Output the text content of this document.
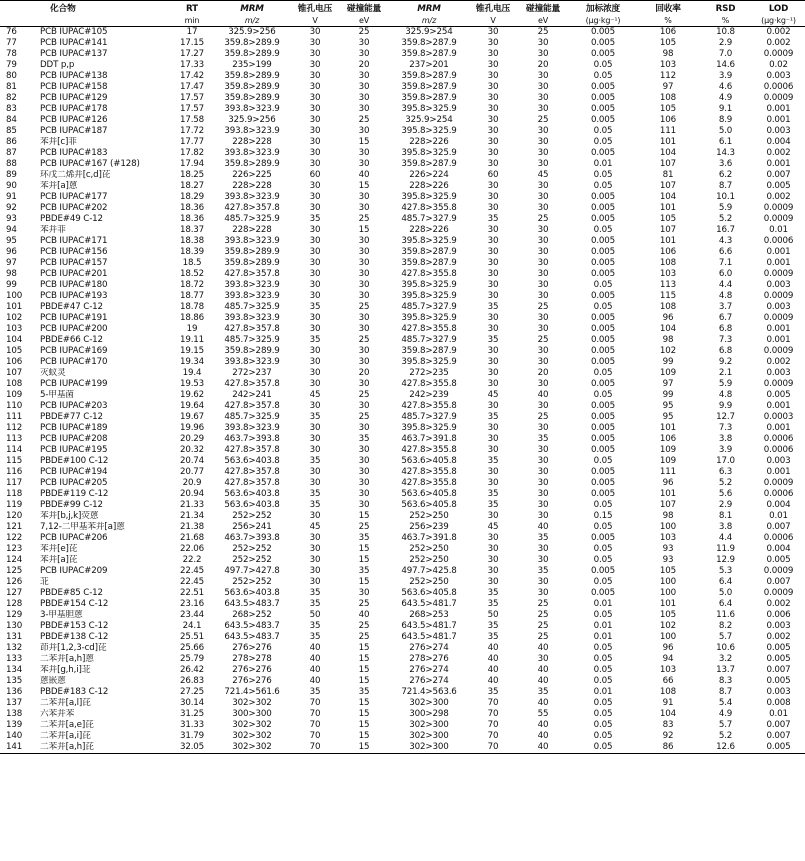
	化合物	RT	MRM	锥孔电压	碰撞能量	MRM	锥孔电压	碰撞能量	加标浓度	回收率	RSD	LOD
		min	m/z	V	eV	m/z	V	eV	(μg·kg⁻¹)	%	%	(μg·kg⁻¹)
76	PCB IUPAC#105	17	325.9>256	30	25	325.9>254	30	25	0.005	106	10.8	0.002
77	PCB IUPAC#141	17.15	359.8>289.9	30	30	359.8>287.9	30	30	0.005	105	2.9	0.002
78	PCB IUPAC#137	17.27	359.8>289.9	30	30	359.8>287.9	30	30	0.005	98	7.0	0.0009
79	DDT p,p	17.33	235>199	30	20	237>201	30	20	0.05	103	14.6	0.02
80	PCB IUPAC#138	17.42	359.8>289.9	30	30	359.8>287.9	30	30	0.05	112	3.9	0.003
81	PCB IUPAC#158	17.47	359.8>289.9	30	30	359.8>287.9	30	30	0.005	97	4.6	0.0006
82	PCB IUPAC#129	17.57	359.8>289.9	30	30	359.8>287.9	30	30	0.005	108	4.9	0.0009
83	PCB IUPAC#178	17.57	393.8>323.9	30	30	395.8>325.9	30	30	0.005	105	9.1	0.001
84	PCB IUPAC#126	17.58	325.9>256	30	25	325.9>254	30	25	0.005	106	8.9	0.001
85	PCB IUPAC#187	17.72	393.8>323.9	30	30	395.8>325.9	30	30	0.05	111	5.0	0.003
86	苯并[c]菲	17.77	228>228	30	15	228>226	30	30	0.05	101	6.1	0.004
87	PCB IUPAC#183	17.82	393.8>323.9	30	30	395.8>325.9	30	30	0.005	104	14.3	0.002
88	PCB IUPAC#167 (#128)	17.94	359.8>289.9	30	30	359.8>287.9	30	30	0.01	107	3.6	0.001
89	环戊二烯并[c,d]芘	18.25	226>225	60	40	226>224	60	45	0.05	81	6.2	0.007
90	苯并[a]蒽	18.27	228>228	30	15	228>226	30	30	0.05	107	8.7	0.005
91	PCB IUPAC#177	18.29	393.8>323.9	30	30	395.8>325.9	30	30	0.005	104	10.1	0.002
92	PCB IUPAC#202	18.36	427.8>357.8	30	30	427.8>355.8	30	30	0.005	101	5.9	0.0009
93	PBDE#49 C-12	18.36	485.7>325.9	35	25	485.7>327.9	35	25	0.005	105	5.2	0.0009
94	苯并菲	18.37	228>228	30	15	228>226	30	30	0.05	107	16.7	0.01
95	PCB IUPAC#171	18.38	393.8>323.9	30	30	395.8>325.9	30	30	0.005	101	4.3	0.0006
96	PCB IUPAC#156	18.39	359.8>289.9	30	30	359.8>287.9	30	30	0.005	106	6.6	0.001
97	PCB IUPAC#157	18.5	359.8>289.9	30	30	359.8>287.9	30	30	0.005	108	7.1	0.001
98	PCB IUPAC#201	18.52	427.8>357.8	30	30	427.8>355.8	30	30	0.005	103	6.0	0.0009
99	PCB IUPAC#180	18.72	393.8>323.9	30	30	395.8>325.9	30	30	0.05	113	4.4	0.003
100	PCB IUPAC#193	18.77	393.8>323.9	30	30	395.8>325.9	30	30	0.005	115	4.8	0.0009
101	PBDE#47 C-12	18.78	485.7>325.9	35	25	485.7>327.9	35	25	0.05	108	3.7	0.003
102	PCB IUPAC#191	18.86	393.8>323.9	30	30	395.8>325.9	30	30	0.005	96	6.7	0.0009
103	PCB IUPAC#200	19	427.8>357.8	30	30	427.8>355.8	30	30	0.005	104	6.8	0.001
104	PBDE#66 C-12	19.11	485.7>325.9	35	25	485.7>327.9	35	25	0.005	98	7.3	0.001
105	PCB IUPAC#169	19.15	359.8>289.9	30	30	359.8>287.9	30	30	0.005	102	6.8	0.0009
106	PCB IUPAC#170	19.34	393.8>323.9	30	30	395.8>325.9	30	30	0.005	99	9.2	0.002
107	灭蚁灵	19.4	272>237	30	20	272>235	30	20	0.05	109	2.1	0.003
108	PCB IUPAC#199	19.53	427.8>357.8	30	30	427.8>355.8	30	30	0.005	97	5.9	0.0009
109	5-甲基菌	19.62	242>241	45	25	242>239	45	40	0.05	99	4.8	0.005
110	PCB IUPAC#203	19.64	427.8>357.8	30	30	427.8>355.8	30	30	0.005	95	9.9	0.001
111	PBDE#77 C-12	19.67	485.7>325.9	35	25	485.7>327.9	35	25	0.005	95	12.7	0.0003
112	PCB IUPAC#189	19.96	393.8>323.9	30	30	395.8>325.9	30	30	0.005	101	7.3	0.001
113	PCB IUPAC#208	20.29	463.7>393.8	30	35	463.7>391.8	30	35	0.005	106	3.8	0.0006
114	PCB IUPAC#195	20.32	427.8>357.8	30	30	427.8>355.8	30	30	0.005	109	3.9	0.0006
115	PBDE#100 C-12	20.74	563.6>403.8	35	30	563.6>405.8	35	30	0.05	109	17.0	0.003
116	PCB IUPAC#194	20.77	427.8>357.8	30	30	427.8>355.8	30	30	0.005	111	6.3	0.001
117	PCB IUPAC#205	20.9	427.8>357.8	30	30	427.8>355.8	30	30	0.005	96	5.2	0.0009
118	PBDE#119 C-12	20.94	563.6>403.8	35	30	563.6>405.8	35	30	0.005	101	5.6	0.0006
119	PBDE#99 C-12	21.33	563.6>403.8	35	30	563.6>405.8	35	30	0.05	107	2.9	0.004
120	苯并[b,j,k]荧蒽	21.34	252>252	30	15	252>250	30	30	0.15	98	8.1	0.01
121	7,12-二甲基苯并[a]蒽	21.38	256>241	45	25	256>239	45	40	0.05	100	3.8	0.007
122	PCB IUPAC#206	21.68	463.7>393.8	30	35	463.7>391.8	30	35	0.005	103	4.4	0.0006
123	苯并[e]芘	22.06	252>252	30	15	252>250	30	30	0.05	93	11.9	0.004
124	苯并[a]芘	22.2	252>252	30	15	252>250	30	30	0.05	93	12.9	0.005
125	PCB IUPAC#209	22.45	497.7>427.8	30	35	497.7>425.8	30	35	0.005	105	5.3	0.0009
126	苝	22.45	252>252	30	15	252>250	30	30	0.05	100	6.4	0.007
127	PBDE#85 C-12	22.51	563.6>403.8	35	30	563.6>405.8	35	30	0.005	100	5.0	0.0009
128	PBDE#154 C-12	23.16	643.5>483.7	35	25	643.5>481.7	35	25	0.01	101	6.4	0.002
129	3-甲基胆蒽	23.44	268>252	50	40	268>253	50	25	0.05	105	11.6	0.006
130	PBDE#153 C-12	24.1	643.5>483.7	35	25	643.5>481.7	35	25	0.01	102	8.2	0.003
131	PBDE#138 C-12	25.51	643.5>483.7	35	25	643.5>481.7	35	25	0.01	100	5.7	0.002
132	茚并[1,2,3-cd]芘	25.66	276>276	40	15	276>274	40	40	0.05	96	10.6	0.005
133	二苯并[a,h]蒽	25.79	278>278	40	15	278>276	40	30	0.05	94	3.2	0.005
134	苯并[g,h,i]苝	26.42	276>276	40	15	276>274	40	40	0.05	103	13.7	0.007
135	蒽嵌蒽	26.83	276>276	40	15	276>274	40	40	0.05	66	8.3	0.005
136	PBDE#183 C-12	27.25	721.4>561.6	35	35	721.4>563.6	35	35	0.01	108	8.7	0.003
137	二苯并[a,l]芘	30.14	302>302	70	15	302>300	70	40	0.05	91	5.4	0.008
138	六苯并苯	31.25	300>300	70	15	300>298	70	55	0.05	104	4.9	0.01
139	二苯并[a,e]芘	31.33	302>302	70	15	302>300	70	40	0.05	83	5.7	0.007
140	二苯并[a,i]芘	31.79	302>302	70	15	302>300	70	40	0.05	92	5.2	0.007
141	二苯并[a,h]芘	32.05	302>302	70	15	302>300	70	40	0.05	86	12.6	0.005
